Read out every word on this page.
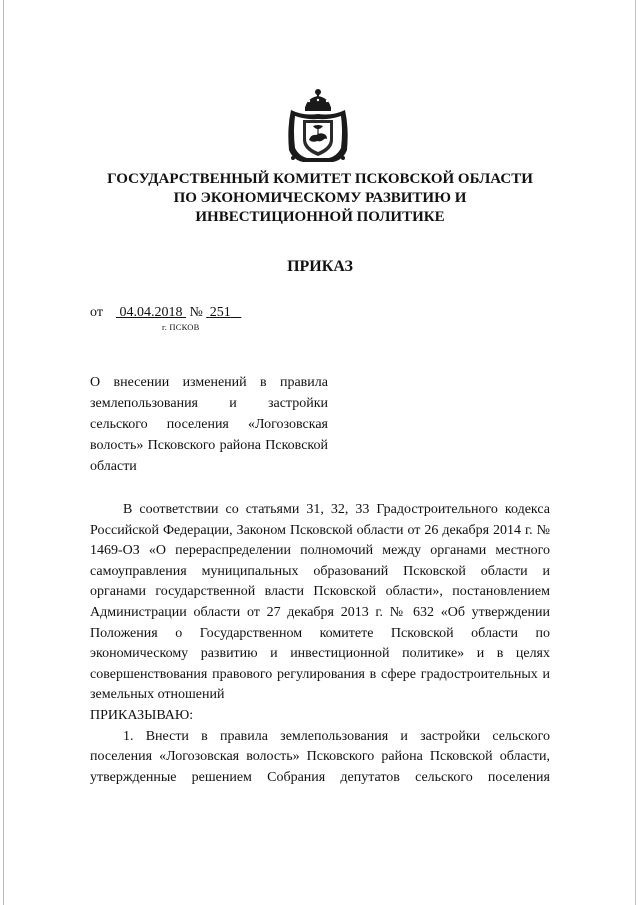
ГОСУДАРСТВЕННЫЙ КОМИТЕТ ПСКОВСКОЙ ОБЛАСТИ
ПО ЭКОНОМИЧЕСКОМУ РАЗВИТИЮ И
ИНВЕСТИЦИОННОЙ ПОЛИТИКЕ
ПРИКАЗ
от 04.04.2018 № 251
г. ПСКОВ
О внесении изменений в правила землепользования и застройки сельского поселения «Логозовская волость» Псковского района Псковской области

В соответствии со статьями 31, 32, 33 Градостроительного кодекса Российской Федерации, Законом Псковской области от 26 декабря 2014 г. № 1469-ОЗ «О перераспределении полномочий между органами местного самоуправления муниципальных образований Псковской области и органами государственной власти Псковской области», постановлением Администрации области от 27 декабря 2013 г. № 632 «Об утверждении Положения о Государственном комитете Псковской области по экономическому развитию и инвестиционной политике» и в целях совершенствования правового регулирования в сфере градостроительных и земельных отношений

ПРИКАЗЫВАЮ:

1. Внести в правила землепользования и застройки сельского поселения «Логозовская волость» Псковского района Псковской области, утвержденные решением Собрания депутатов сельского поселения
